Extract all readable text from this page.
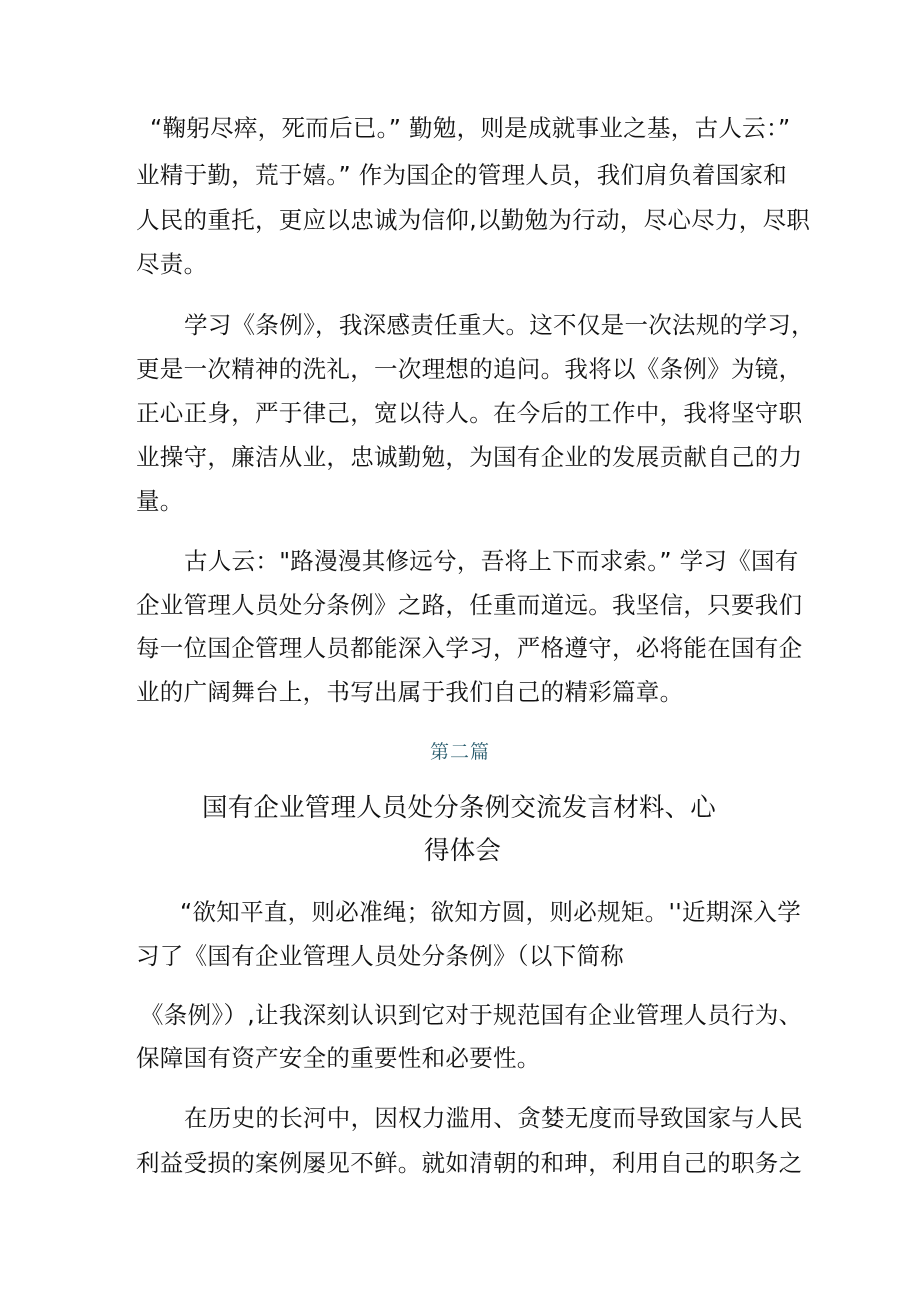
“鞠躬尽瘁，死而后已。” 勤勉，则是成就事业之基，古人云：”
业精于勤，荒于嬉。” 作为国企的管理人员，我们肩负着国家和
人民的重托，更应以忠诚为信仰,以勤勉为行动，尽心尽力，尽职
尽责。
学习《条例》，我深感责任重大。这不仅是一次法规的学习，
更是一次精神的洗礼，一次理想的追问。我将以《条例》为镜，
正心正身，严于律己，宽以待人。在今后的工作中，我将坚守职
业操守，廉洁从业，忠诚勤勉，为国有企业的发展贡献自己的力
量。
古人云："路漫漫其修远兮，吾将上下而求索。” 学习《国有
企业管理人员处分条例》之路，任重而道远。我坚信，只要我们
每一位国企管理人员都能深入学习，严格遵守，必将能在国有企
业的广阔舞台上，书写出属于我们自己的精彩篇章。
第二篇
国有企业管理人员处分条例交流发言材料、心
得体会
“欲知平直，则必准绳；欲知方圆，则必规矩。''近期深入学
习了《国有企业管理人员处分条例》（以下简称
《条例》）,让我深刻认识到它对于规范国有企业管理人员行为、
保障国有资产安全的重要性和必要性。
在历史的长河中，因权力滥用、贪婪无度而导致国家与人民
利益受损的案例屡见不鲜。就如清朝的和珅，利用自己的职务之
